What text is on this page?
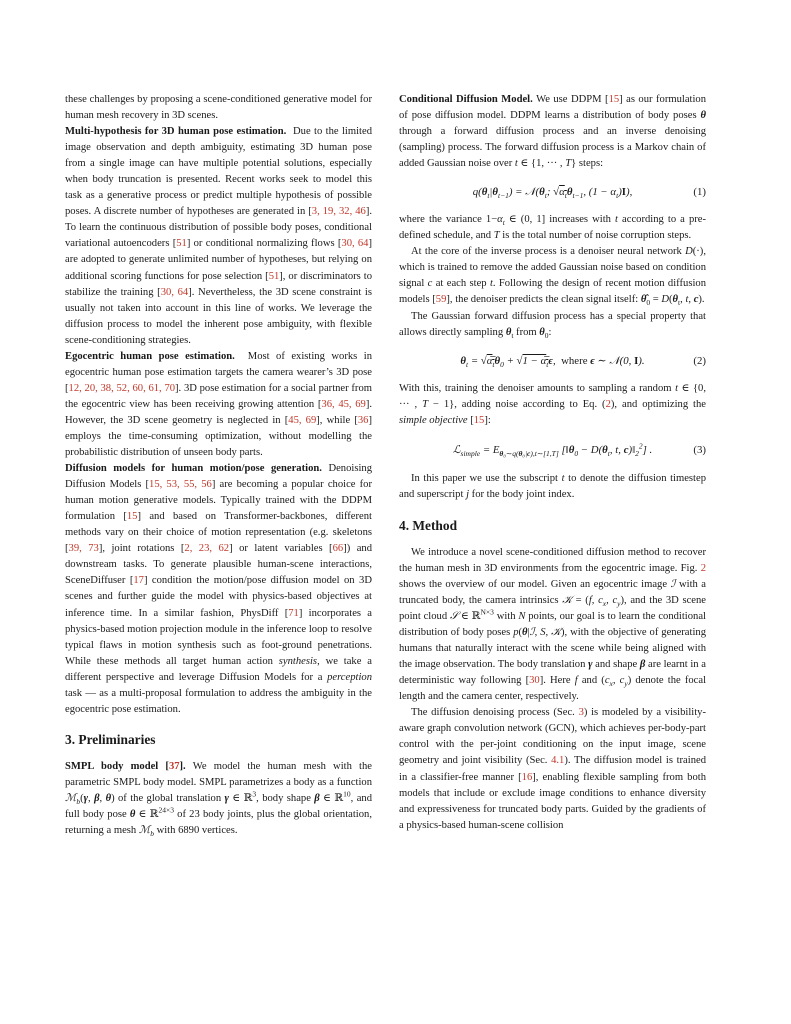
these challenges by proposing a scene-conditioned generative model for human mesh recovery in 3D scenes.

Multi-hypothesis for 3D human pose estimation. Due to the limited image observation and depth ambiguity, estimating 3D human pose from a single image can have multiple potential solutions, especially when body truncation is presented. Recent works seek to model this task as a generative process or predict multiple hypothesis of possible poses. A discrete number of hypotheses are generated in [3, 19, 32, 46]. To learn the continuous distribution of possible body poses, conditional variational autoencoders [51] or conditional normalizing flows [30, 64] are adopted to generate unlimited number of hypotheses, but relying on additional scoring functions for pose selection [51], or discriminators to stabilize the training [30, 64]. Nevertheless, the 3D scene constraint is usually not taken into account in this line of works. We leverage the diffusion process to model the inherent pose ambiguity, with flexible scene-conditioning strategies.

Egocentric human pose estimation. Most of existing works in egocentric human pose estimation targets the camera wearer’s 3D pose [12, 20, 38, 52, 60, 61, 70]. 3D pose estimation for a social partner from the egocentric view has been receiving growing attention [36, 45, 69]. However, the 3D scene geometry is neglected in [45, 69], while [36] employs the time-consuming optimization, without modelling the probabilistic distribution of unseen body parts.

Diffusion models for human motion/pose generation. Denoising Diffusion Models [15, 53, 55, 56] are becoming a popular choice for human motion generative models. Typically trained with the DDPM formulation [15] and based on Transformer-backbones, different methods vary on their choice of motion representation (e.g. skeletons [39, 73], joint rotations [2, 23, 62] or latent variables [66]) and downstream tasks. To generate plausible human-scene interactions, SceneDiffuser [17] condition the motion/pose diffusion model on 3D scenes and further guide the model with physics-based objectives at inference time. In a similar fashion, PhysDiff [71] incorporates a physics-based motion projection module in the inference loop to resolve typical flaws in motion synthesis such as foot-ground penetrations. While these methods all target human action synthesis, we take a different perspective and leverage Diffusion Models for a perception task — as a multi-proposal formulation to address the ambiguity in the egocentric pose estimation.

3. Preliminaries

SMPL body model [37]. We model the human mesh with the parametric SMPL body model. SMPL parametrizes a body as a function ℳ$_b$(γ, β, θ) of the global translation γ ∈ ℝ$^3$, body shape β ∈ ℝ$^{10}$, and full body pose θ ∈ ℝ$^{24\times 3}$ of 23 body joints, plus the global orientation, returning a mesh ℳ$_b$ with 6890 vertices.

Conditional Diffusion Model. We use DDPM [15] as our formulation of pose diffusion model. DDPM learns a distribution of body poses θ through a forward diffusion process and an inverse denoising (sampling) process. The forward diffusion process is a Markov chain of added Gaussian noise over t ∈ {1, ··· , T} steps:

$q(\theta_t|\theta_{t-1})$ = $𝒩(\theta_t$; $√\alpha_t\theta_{t-1}$, $(1 - \alpha_t)I$),	(1)

where the variance $1-\alpha_t$ ∈ (0, 1] increases with t according to a pre-defined schedule, and T is the total number of noise corruption steps.

At the core of the inverse process is a denoiser neural network D(·), which is trained to remove the added Gaussian noise based on condition signal c at each step t. Following the design of recent motion diffusion models [59], the denoiser predicts the clean signal itself: $\thetâ_0 = D(\theta_t$, t, c).

The Gaussian forward diffusion process has a special property that allows directly sampling $\theta_t$ from $\theta_0$:

$\theta_t$ = $√\alpha̅_t\theta_0 + √1$ − $\alpha̅_t\epsilon$,  where ϵ ∼ 𝒩(0, I).	(2)

With this, training the denoiser amounts to sampling a random t ∈ {0, ··· , T − 1}, adding noise according to Eq. (2), and optimizing the simple objective [15]:

ℒ$_{simple}$ = $E_{\theta_0\sim q(\theta_0|c),t\sim[1,T]}$ [$‖\theta_0 - D(\theta_t$, t, $c)‖_2^2$] .	(3)

In this paper we use the subscript t to denote the diffusion timestep and superscript j for the body joint index.

4. Method

We introduce a novel scene-conditioned diffusion method to recover the human mesh in 3D environments from the egocentric image. Fig. 2 shows the overview of our model. Given an egocentric image ℐ with a truncated body, the camera intrinsics 𝒦 = (f, $c_x$, $c_y$), and the 3D scene point cloud 𝒮 ∈ ℝ$^{N\times 3}$ with N points, our goal is to learn the conditional distribution of body poses p(θ|ℐ, S, 𝒦), with the objective of generating humans that naturally interact with the scene while being aligned with the image observation. The body translation γ and shape β are learnt in a deterministic way following [30]. Here f and ($c_x$, $c_y$) denote the focal length and the camera center, respectively.

The diffusion denoising process (Sec. 3) is modeled by a visibility-aware graph convolution network (GCN), which achieves per-body-part control with the per-joint conditioning on the input image, scene geometry and joint visibility (Sec. 4.1). The diffusion model is trained in a classifier-free manner [16], enabling flexible sampling from both models that include or exclude image conditions to enhance diversity and expressiveness for truncated body parts. Guided by the gradients of a physics-based human-scene collision
